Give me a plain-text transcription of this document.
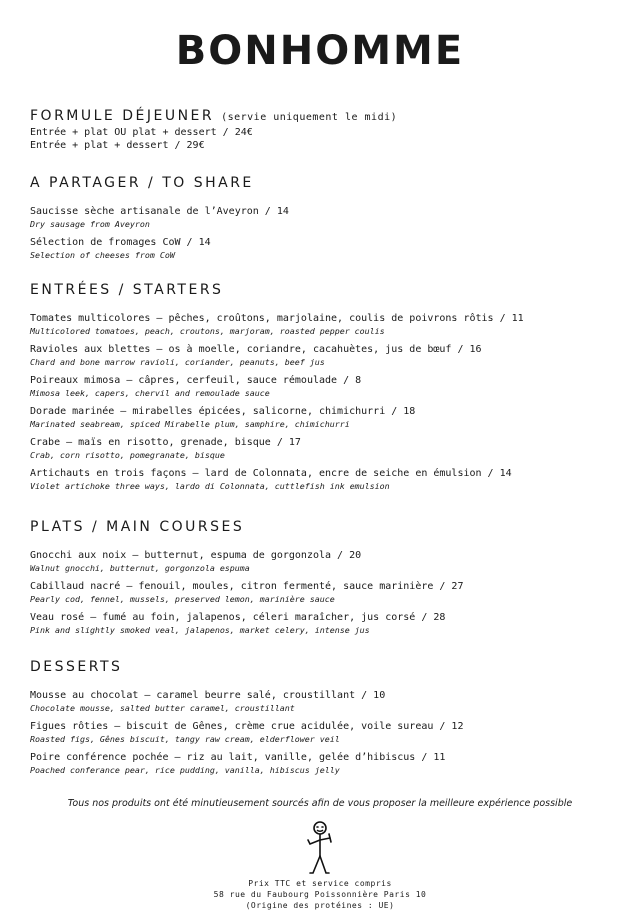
BONHOMME
FORMULE DÉJEUNER (servie uniquement le midi)
Entrée + plat OU plat + dessert / 24€
Entrée + plat + dessert / 29€
A PARTAGER / TO SHARE
Saucisse sèche artisanale de l’Aveyron / 14
Dry sausage from Aveyron
Sélection de fromages CoW / 14
Selection of cheeses from CoW
ENTRÉES / STARTERS
Tomates multicolores – pêches, croûtons, marjolaine, coulis de poivrons rôtis / 11
Multicolored tomatoes, peach, croutons, marjoram, roasted pepper coulis
Ravioles aux blettes – os à moelle, coriandre, cacahuètes, jus de bœuf / 16
Chard and bone marrow ravioli, coriander, peanuts, beef jus
Poireaux mimosa – câpres, cerfeuil, sauce rémoulade / 8
Mimosa leek, capers, chervil and remoulade sauce
Dorade marinée – mirabelles épicées, salicorne, chimichurri / 18
Marinated seabream, spiced Mirabelle plum, samphire, chimichurri
Crabe – maïs en risotto, grenade, bisque / 17
Crab, corn risotto, pomegranate, bisque
Artichauts en trois façons – lard de Colonnata, encre de seiche en émulsion / 14
Violet artichoke three ways, lardo di Colonnata, cuttlefish ink emulsion
PLATS / MAIN COURSES
Gnocchi aux noix – butternut, espuma de gorgonzola / 20
Walnut gnocchi, butternut, gorgonzola espuma
Cabillaud nacré – fenouil, moules, citron fermenté, sauce marinière / 27
Pearly cod, fennel, mussels, preserved lemon, marinière sauce
Veau rosé – fumé au foin, jalapenos, céleri maraîcher, jus corsé / 28
Pink and slightly smoked veal, jalapenos, market celery, intense jus
DESSERTS
Mousse au chocolat – caramel beurre salé, croustillant / 10
Chocolate mousse, salted butter caramel, croustillant
Figues rôties – biscuit de Gênes, crème crue acidulée, voile sureau / 12
Roasted figs, Gênes biscuit, tangy raw cream, elderflower veil
Poire conférence pochée – riz au lait, vanille, gelée d’hibiscus / 11
Poached conferance pear, rice pudding, vanilla, hibiscus jelly
Tous nos produits ont été minutieusement sourcés afin de vous proposer la meilleure expérience possible
Prix TTC et service compris
58 rue du Faubourg Poissonnière Paris 10
(Origine des protéines : UE)
